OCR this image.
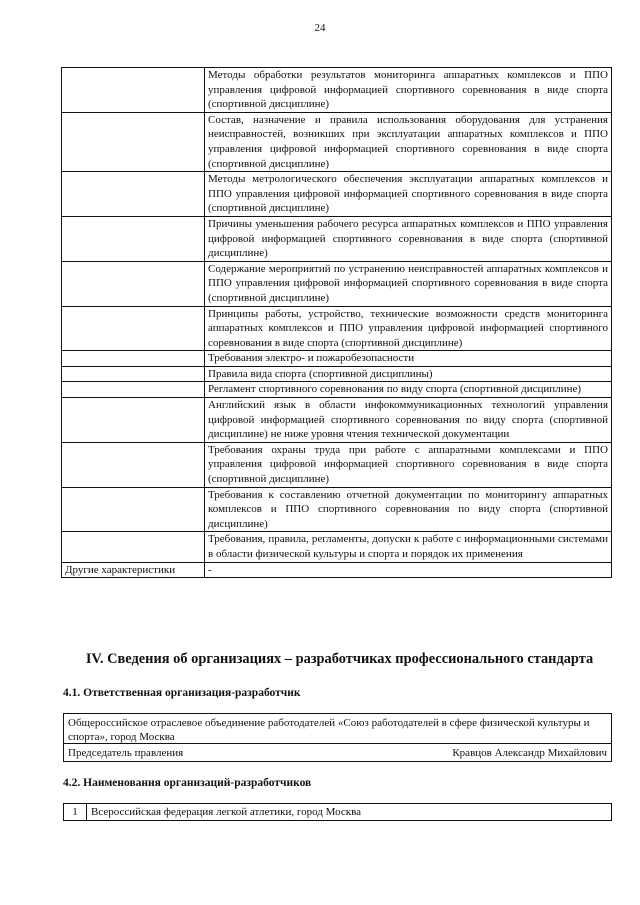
24
	Методы обработки результатов мониторинга аппаратных комплексов и ППО управления цифровой информацией спортивного соревнования в виде спорта (спортивной дисциплине)
	Состав, назначение и правила использования оборудования для устранения неисправностей, возникших при эксплуатации аппаратных комплексов и ППО управления цифровой информацией спортивного соревнования в виде спорта (спортивной дисциплине)
	Методы метрологического обеспечения эксплуатации аппаратных комплексов и ППО управления цифровой информацией спортивного соревнования в виде спорта (спортивной дисциплине)
	Причины уменьшения рабочего ресурса аппаратных комплексов и ППО управления цифровой информацией спортивного соревнования в виде спорта (спортивной дисциплине)
	Содержание мероприятий по устранению неисправностей аппаратных комплексов и ППО управления цифровой информацией спортивного соревнования в виде спорта (спортивной дисциплине)
	Принципы работы, устройство, технические возможности средств мониторинга аппаратных комплексов и ППО управления цифровой информацией спортивного соревнования в виде спорта (спортивной дисциплине)
	Требования электро- и пожаробезопасности
	Правила вида спорта (спортивной дисциплины)
	Регламент спортивного соревнования по виду спорта (спортивной дисциплине)
	Английский язык в области инфокоммуникационных технологий управления цифровой информацией спортивного соревнования по виду спорта (спортивной дисциплине) не ниже уровня чтения технической документации
	Требования охраны труда при работе с аппаратными комплексами и ППО управления цифровой информацией спортивного соревнования в виде спорта (спортивной дисциплине)
	Требования к составлению отчетной документации по мониторингу аппаратных комплексов и ППО спортивного соревнования по виду спорта (спортивной дисциплине)
	Требования, правила, регламенты, допуски к работе с информационными системами в области физической культуры и спорта и порядок их применения
Другие характеристики	-
IV. Сведения об организациях – разработчиках профессионального стандарта
4.1. Ответственная организация-разработчик
Общероссийское отраслевое объединение работодателей «Союз работодателей в сфере физической культуры и спорта», город Москва
Председатель правления	Кравцов Александр Михайлович
4.2. Наименования организаций-разработчиков
1	Всероссийская федерация легкой атлетики, город Москва
